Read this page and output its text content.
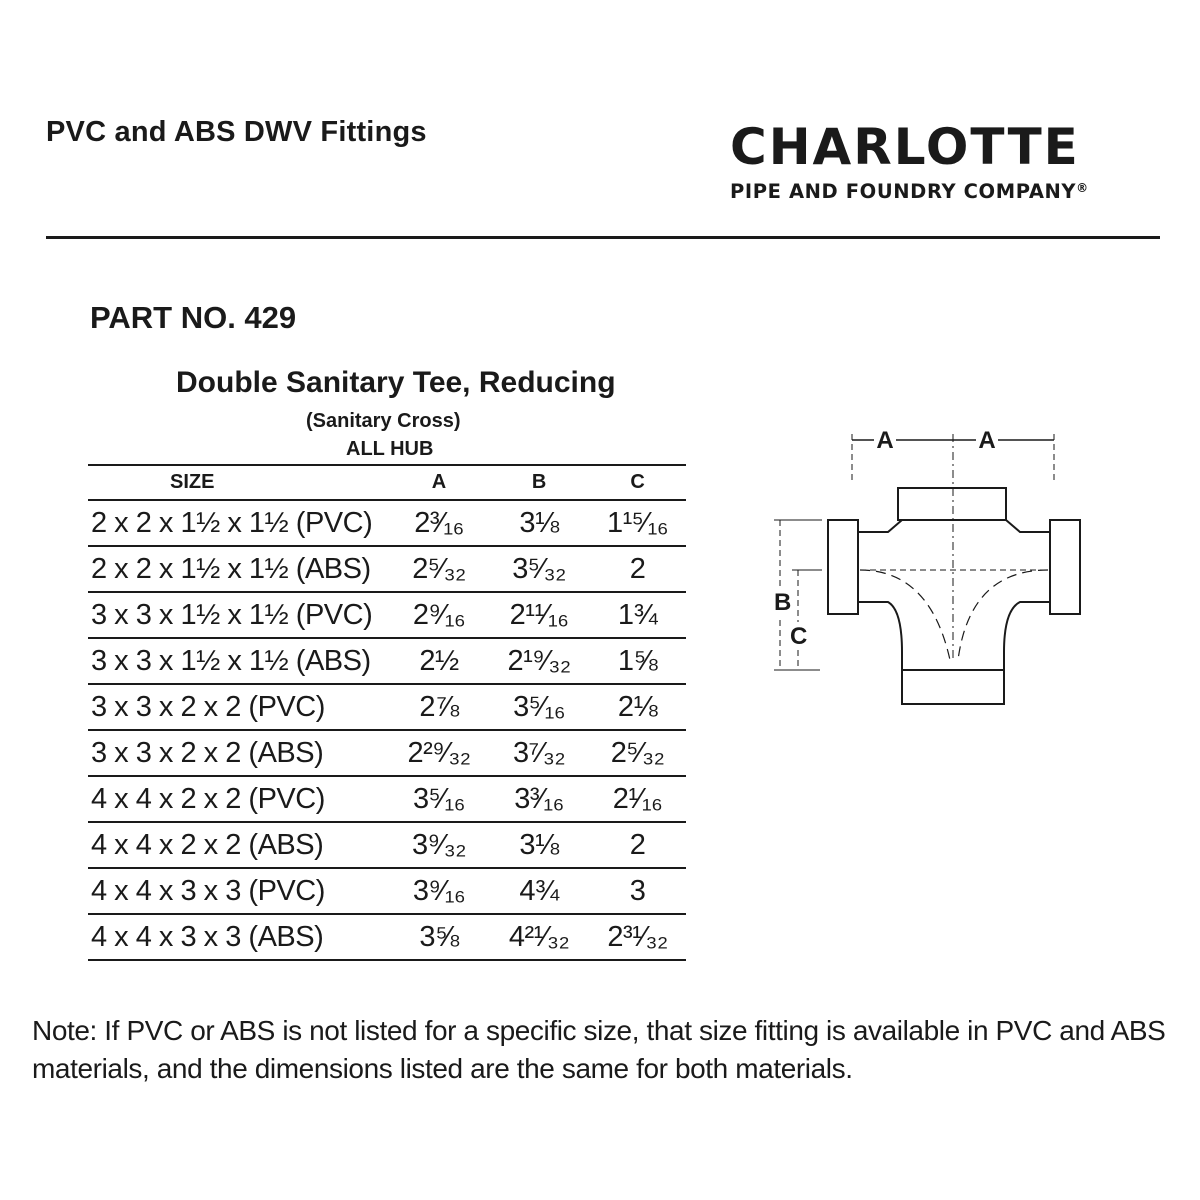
PVC and ABS DWV Fittings	CHARLOTTE
PIPE AND FOUNDRY COMPANY®
PART NO. 429
Double Sanitary Tee, Reducing
(Sanitary Cross)
ALL HUB
SIZE	A	B	C
2 x 2 x 1½ x 1½ (PVC)	2³⁄₁₆	3⅛	1¹⁵⁄₁₆
2 x 2 x 1½ x 1½ (ABS)	2⁵⁄₃₂	3⁵⁄₃₂	2
3 x 3 x 1½ x 1½ (PVC)	2⁹⁄₁₆	2¹¹⁄₁₆	1¾
3 x 3 x 1½ x 1½ (ABS)	2½	2¹⁹⁄₃₂	1⅝
3 x 3 x 2 x 2 (PVC)	2⅞	3⁵⁄₁₆	2⅛
3 x 3 x 2 x 2 (ABS)	2²⁹⁄₃₂	3⁷⁄₃₂	2⁵⁄₃₂
4 x 4 x 2 x 2 (PVC)	3⁵⁄₁₆	3³⁄₁₆	2¹⁄₁₆
4 x 4 x 2 x 2 (ABS)	3⁹⁄₃₂	3⅛	2
4 x 4 x 3 x 3 (PVC)	3⁹⁄₁₆	4¾	3
4 x 4 x 3 x 3 (ABS)	3⅝	4²¹⁄₃₂	2³¹⁄₃₂
A	A
B
C
Note: If PVC or ABS is not listed for a specific size, that size fitting is available in PVC and ABS materials, and the dimensions listed are the same for both materials.
